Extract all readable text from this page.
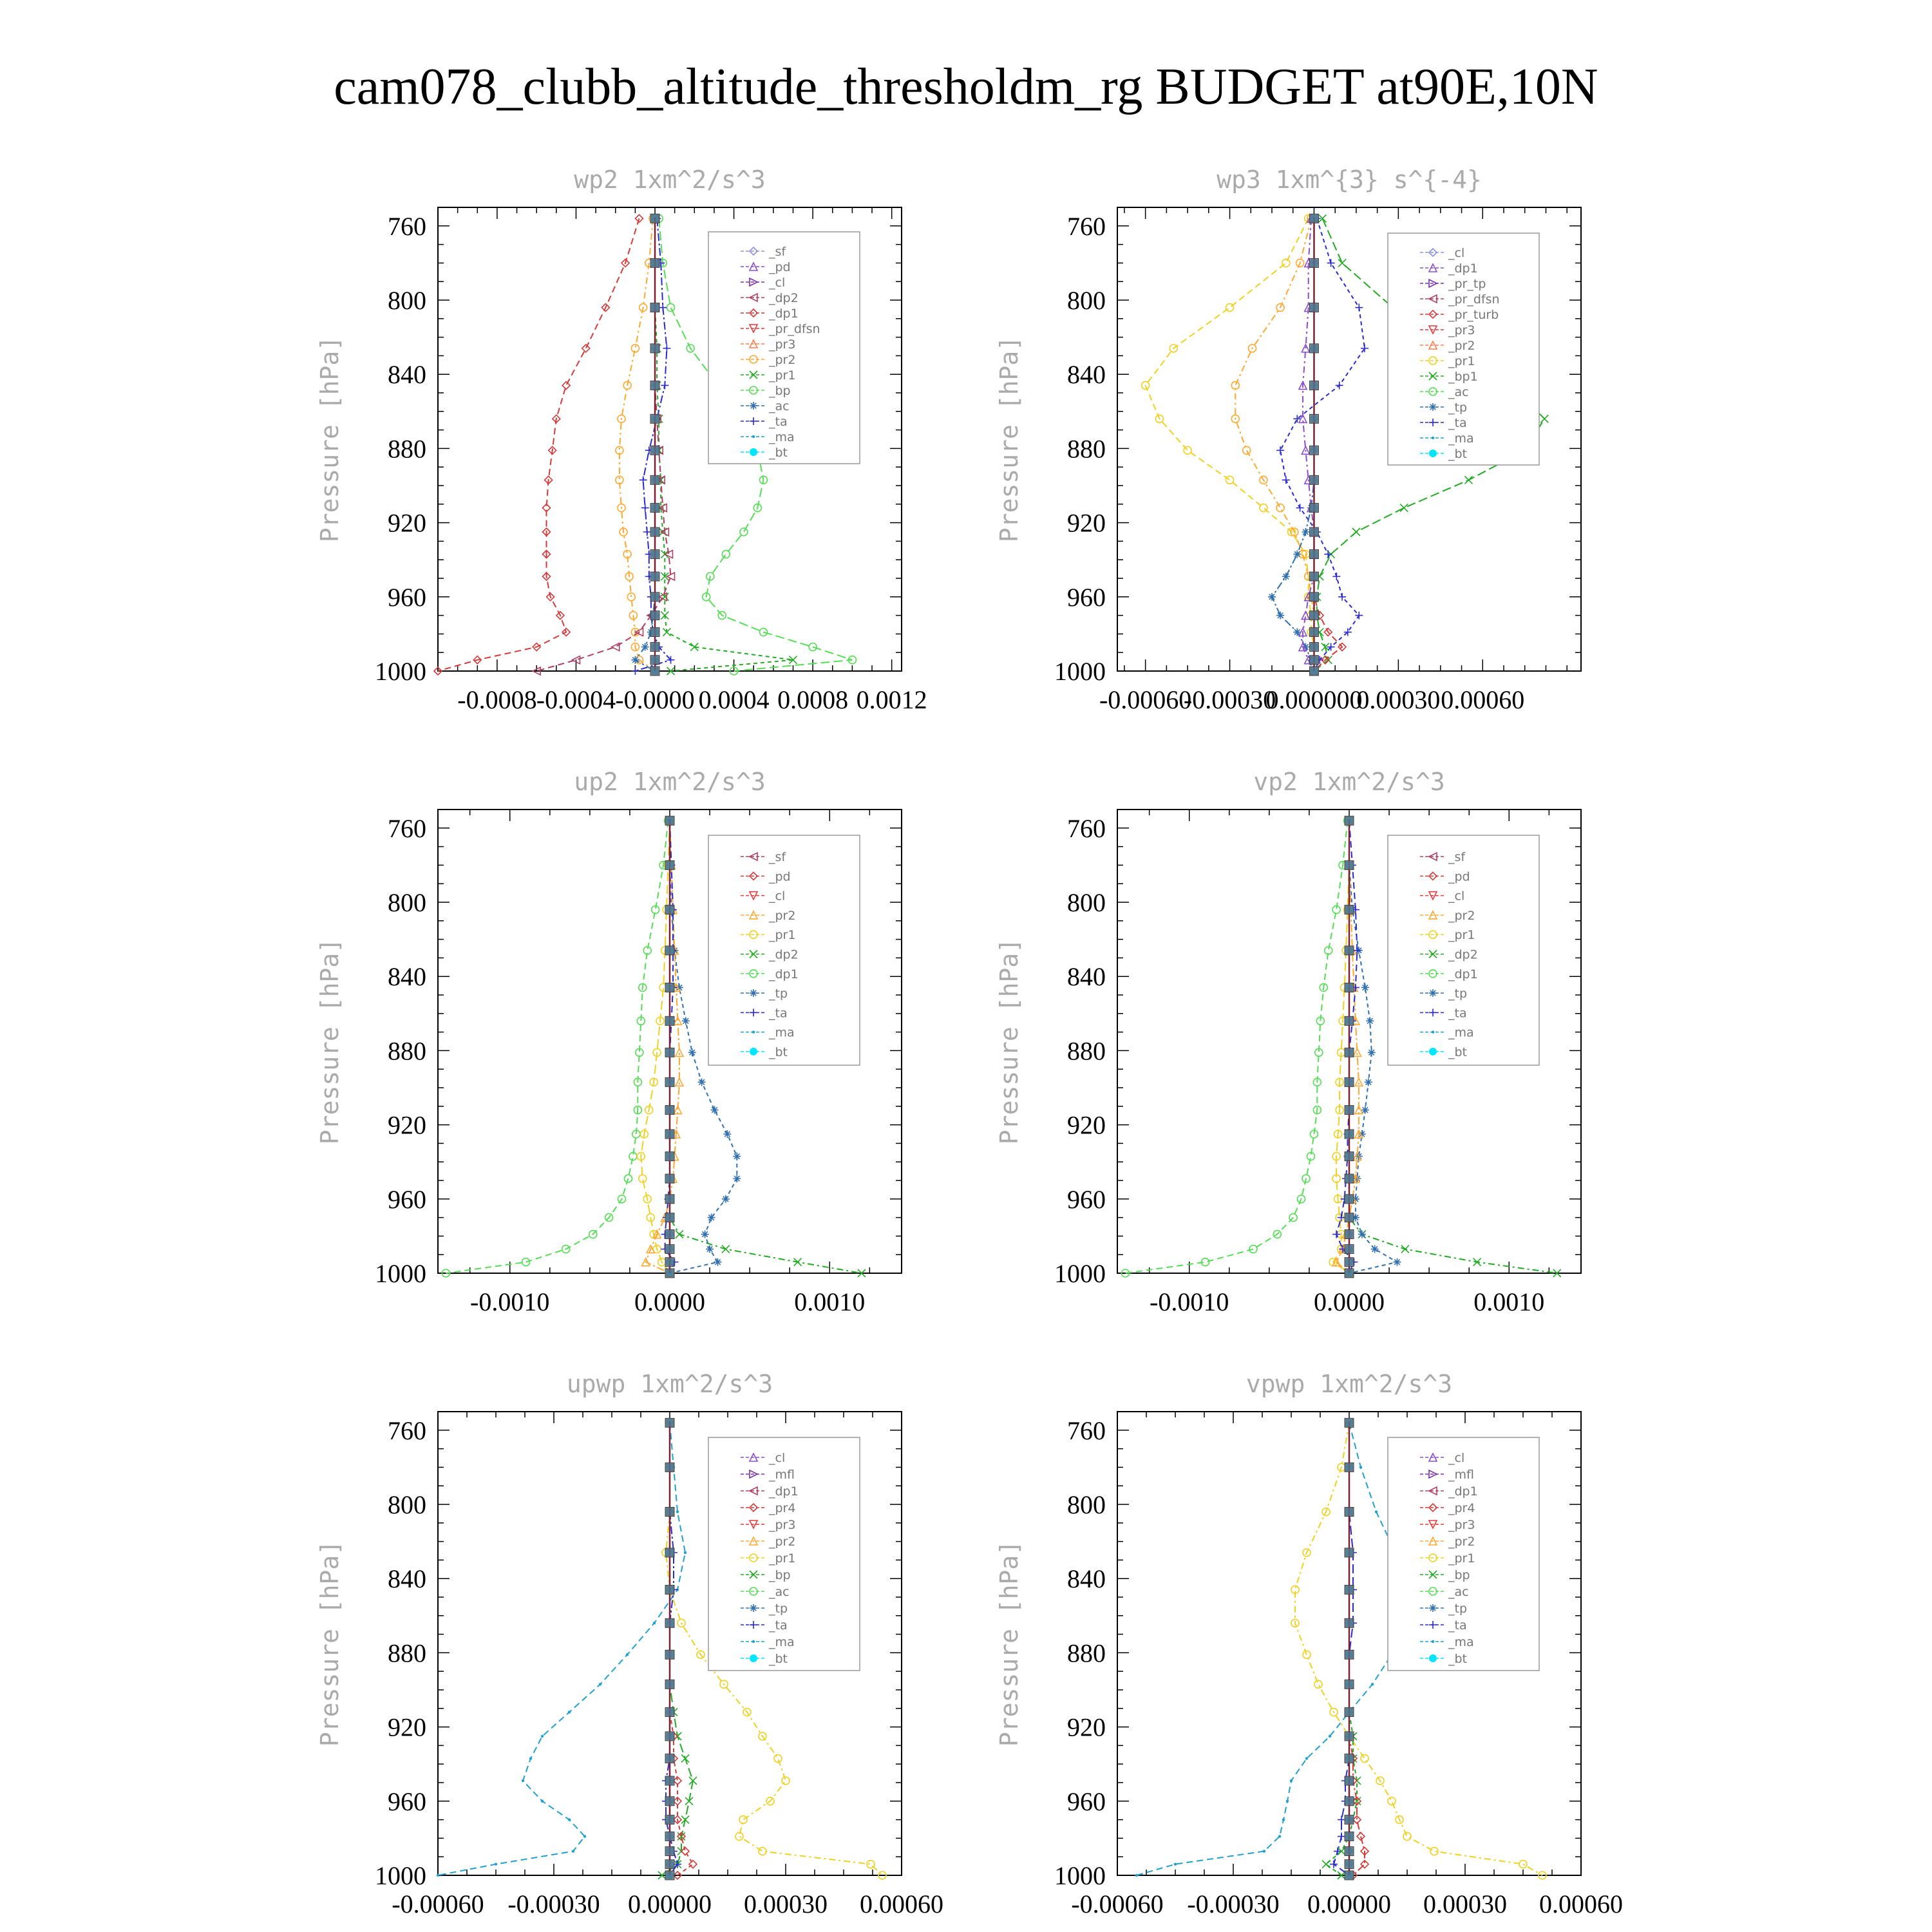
cam078_clubb_altitude_thresholdm_rg BUDGET at90E,10N
wp2 1xm^2/s^3
760
800
840
880
920
960
1000
Pressure [hPa]
-0.0008 -0.0004 -0.0000 0.0004 0.0008 0.0012
_sf
_pd
_cl
_dp2
_dp1
_pr_dfsn
_pr3
_pr2
_pr1
_bp
_ac
_ta
_ma
_bt
wp3 1xm^{3} s^{-4}
760
800
840
880
920
960
1000
Pressure [hPa]
-0.00060
-0.00030
0.000000
0.00030 0.00060
_cl
_dp1
_pr_tp
_pr_dfsn
_pr_turb
_pr3
_pr2
_pr1
_bp1
_ac
_tp
_ta
_ma
_bt
up2 1xm^2/s^3
760
800
840
880
920
960
1000
Pressure [hPa]
-0.0010	0.0000	0.0010
_sf
_pd
_cl
_pr2
_pr1
_dp2
_dp1
_tp
_ta
_ma
_bt
vp2 1xm^2/s^3
760
800
840
880
920
960
1000
Pressure [hPa]
-0.0010	0.0000	0.0010
_sf
_pd
_cl
_pr2
_pr1
_dp2
_dp1
_tp
_ta
_ma
_bt
upwp 1xm^2/s^3
760
800
840
880
920
960
1000
Pressure [hPa]
-0.00060 -0.00030 0.00000 0.00030 0.00060
_cl
_mfl
_dp1
_pr4
_pr3
_pr2
_pr1
_bp
_ac
_tp
_ta
_ma
_bt
vpwp 1xm^2/s^3
760
800
840
880
920
960
1000
Pressure [hPa]
-0.00060 -0.00030 0.00000 0.00030 0.00060
_cl
_mfl
_dp1
_pr4
_pr3
_pr2
_pr1
_bp
_ac
_tp
_ta
_ma
_bt
